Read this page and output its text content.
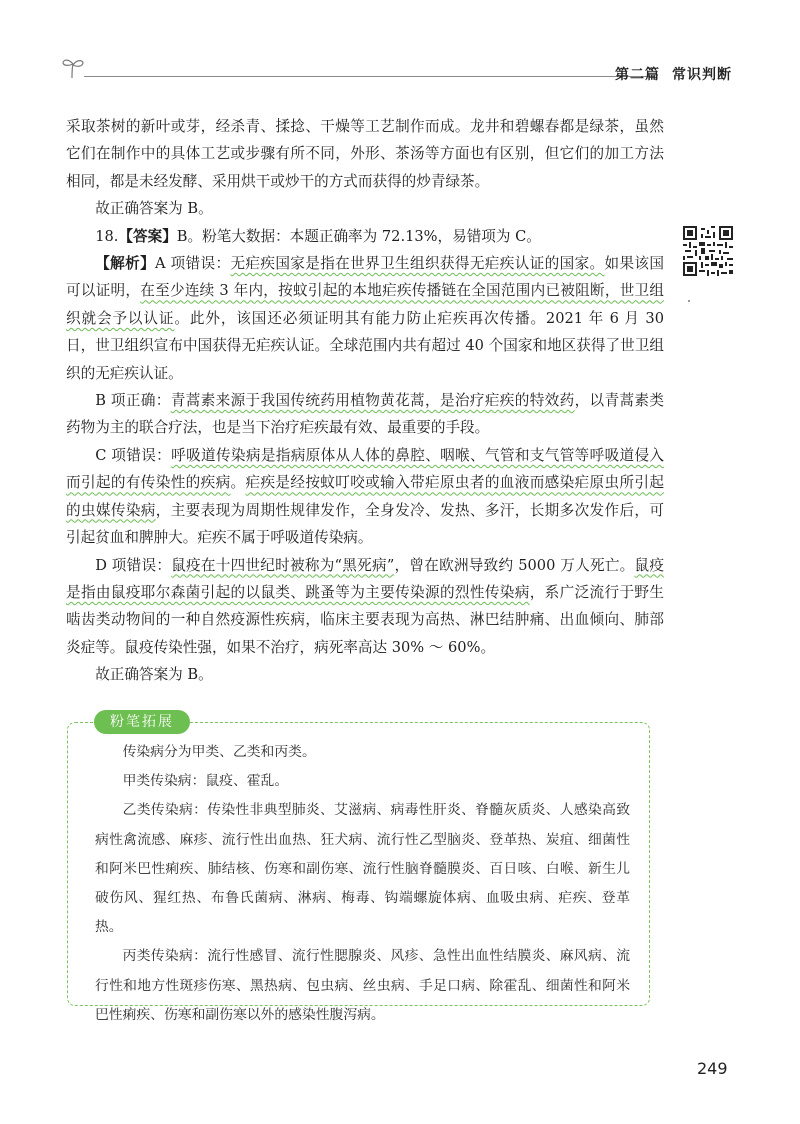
第二篇 常识判断

采取茶树的新叶或芽，经杀青、揉捻、干燥等工艺制作而成。龙井和碧螺春都是绿茶，虽然它们在制作中的具体工艺或步骤有所不同，外形、茶汤等方面也有区别，但它们的加工方法相同，都是未经发酵、采用烘干或炒干的方式而获得的炒青绿茶。

故正确答案为 B。

18.【答案】B。粉笔大数据：本题正确率为 72.13%，易错项为 C。

【解析】A 项错误：无疟疾国家是指在世界卫生组织获得无疟疾认证的国家。如果该国可以证明，在至少连续 3 年内，按蚊引起的本地疟疾传播链在全国范围内已被阻断，世卫组织就会予以认证。此外，该国还必须证明其有能力防止疟疾再次传播。2021 年 6 月 30 日，世卫组织宣布中国获得无疟疾认证。全球范围内共有超过 40 个国家和地区获得了世卫组织的无疟疾认证。

B 项正确：青蒿素来源于我国传统药用植物黄花蒿，是治疗疟疾的特效药，以青蒿素类药物为主的联合疗法，也是当下治疗疟疾最有效、最重要的手段。

C 项错误：呼吸道传染病是指病原体从人体的鼻腔、咽喉、气管和支气管等呼吸道侵入而引起的有传染性的疾病。疟疾是经按蚊叮咬或输入带疟原虫者的血液而感染疟原虫所引起的虫媒传染病，主要表现为周期性规律发作，全身发冷、发热、多汗，长期多次发作后，可引起贫血和脾肿大。疟疾不属于呼吸道传染病。

D 项错误：鼠疫在十四世纪时被称为“黑死病”，曾在欧洲导致约 5000 万人死亡。鼠疫是指由鼠疫耶尔森菌引起的以鼠类、跳蚤等为主要传染源的烈性传染病，系广泛流行于野生啮齿类动物间的一种自然疫源性疾病，临床主要表现为高热、淋巴结肿痛、出血倾向、肺部炎症等。鼠疫传染性强，如果不治疗，病死率高达 30% ～ 60%。

故正确答案为 B。

粉笔拓展

传染病分为甲类、乙类和丙类。

甲类传染病：鼠疫、霍乱。

乙类传染病：传染性非典型肺炎、艾滋病、病毒性肝炎、脊髓灰质炎、人感染高致病性禽流感、麻疹、流行性出血热、狂犬病、流行性乙型脑炎、登革热、炭疽、细菌性和阿米巴性痢疾、肺结核、伤寒和副伤寒、流行性脑脊髓膜炎、百日咳、白喉、新生儿破伤风、猩红热、布鲁氏菌病、淋病、梅毒、钩端螺旋体病、血吸虫病、疟疾、登革热。

丙类传染病：流行性感冒、流行性腮腺炎、风疹、急性出血性结膜炎、麻风病、流行性和地方性斑疹伤寒、黑热病、包虫病、丝虫病、手足口病、除霍乱、细菌性和阿米巴性痢疾、伤寒和副伤寒以外的感染性腹泻病。

249
